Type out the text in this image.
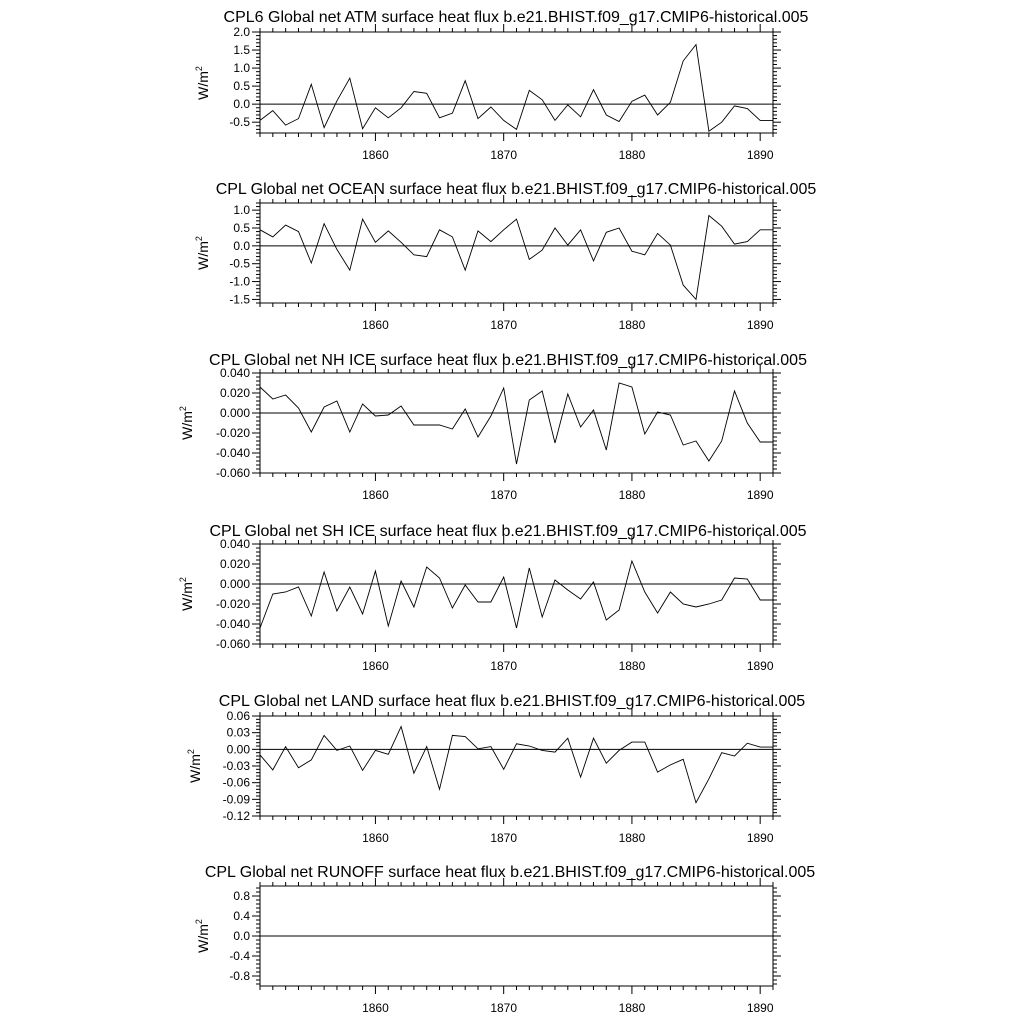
CPL6 Global net ATM surface heat flux b.e21.BHIST.f09_g17.CMIP6-historical.005
1860	1870	1880	1890
-0.5
0.0
0.5
1.0
1.5
2.0
$W/m^2$
CPL Global net OCEAN surface heat flux b.e21.BHIST.f09_g17.CMIP6-historical.005
1860	1870	1880	1890
-1.5
-1.0
-0.5
0.0
0.5
1.0
$W/m^2$
CPL Global net NH ICE surface heat flux b.e21.BHIST.f09_g17.CMIP6-historical.005
1860	1870	1880	1890
-0.060
-0.040
-0.020
0.000
0.020
0.040
$W/m^2$
CPL Global net SH ICE surface heat flux b.e21.BHIST.f09_g17.CMIP6-historical.005
1860	1870	1880	1890
-0.060
-0.040
-0.020
0.000
0.020
0.040
$W/m^2$
CPL Global net LAND surface heat flux b.e21.BHIST.f09_g17.CMIP6-historical.005
1860	1870	1880	1890
-0.12
-0.09
-0.06
-0.03
0.00
0.03
0.06
$W/m^2$
CPL Global net RUNOFF surface heat flux b.e21.BHIST.f09_g17.CMIP6-historical.005
1860	1870	1880	1890
-0.8
-0.4
0.0
0.4
0.8
$W/m^2$
